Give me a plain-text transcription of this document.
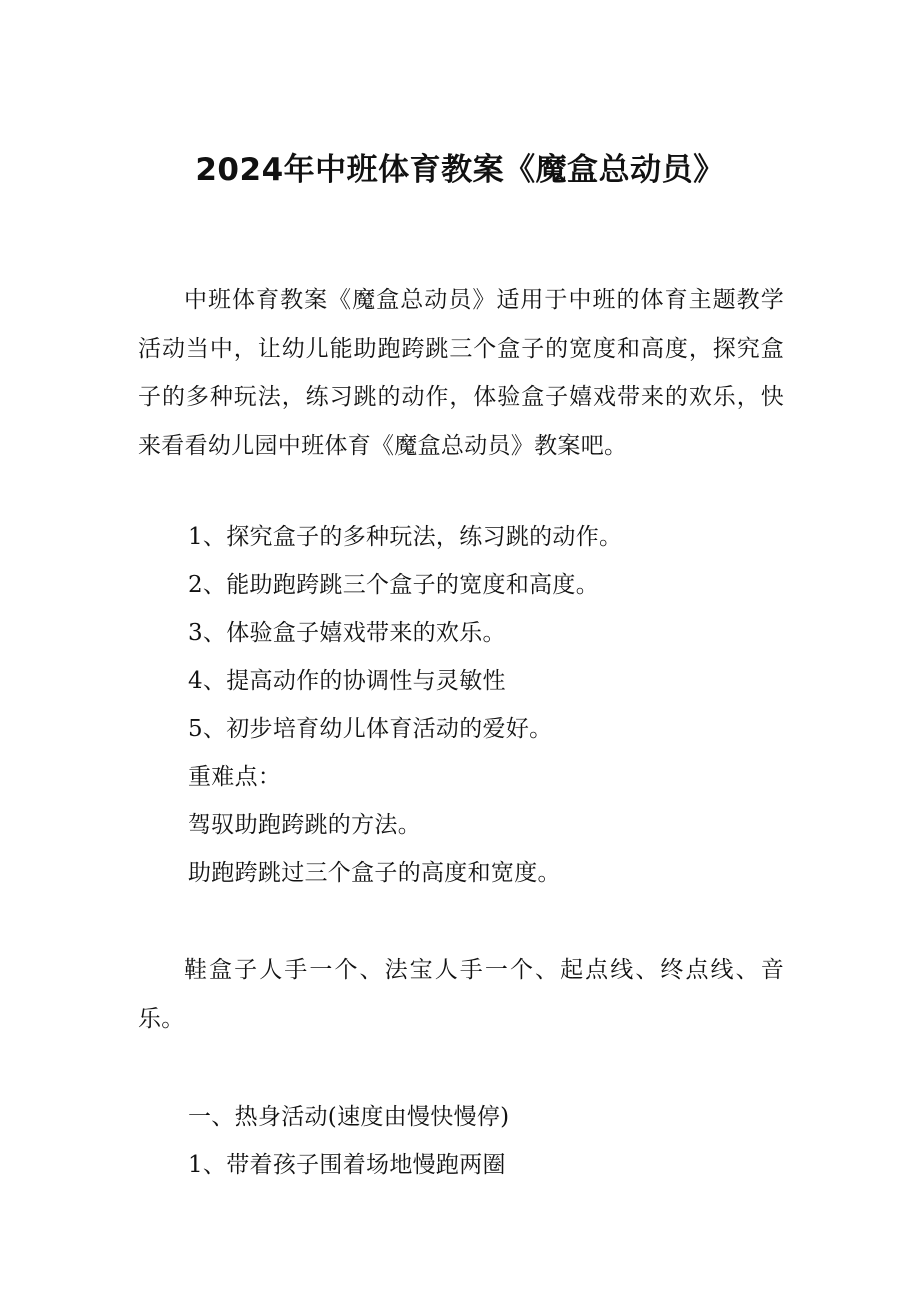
2024年中班体育教案《魔盒总动员》

中班体育教案《魔盒总动员》适用于中班的体育主题教学活动当中，让幼儿能助跑跨跳三个盒子的宽度和高度，探究盒子的多种玩法，练习跳的动作，体验盒子嬉戏带来的欢乐，快来看看幼儿园中班体育《魔盒总动员》教案吧。

1、探究盒子的多种玩法，练习跳的动作。
2、能助跑跨跳三个盒子的宽度和高度。
3、体验盒子嬉戏带来的欢乐。
4、提高动作的协调性与灵敏性
5、初步培育幼儿体育活动的爱好。
重难点：
驾驭助跑跨跳的方法。
助跑跨跳过三个盒子的高度和宽度。

鞋盒子人手一个、法宝人手一个、起点线、终点线、音乐。

一、热身活动(速度由慢快慢停)
1、带着孩子围着场地慢跑两圈
